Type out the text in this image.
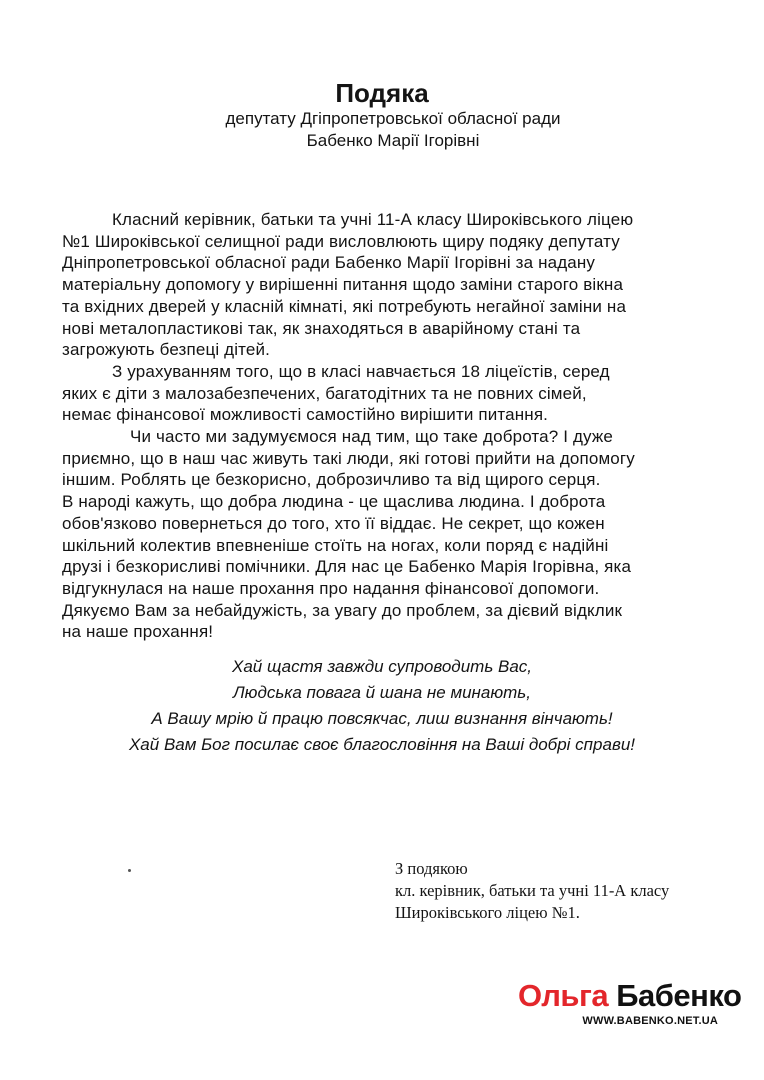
Подяка
депутату Дгіпропетровської обласної ради
Бабенко Марії Ігорівні
Класний керівник, батьки та учні 11-А класу Широківського ліцею
№1 Широківської селищної ради висловлюють щиру подяку депутату
Дніпропетровської обласної ради Бабенко Марії Ігорівні за надану
матеріальну допомогу у вирішенні питання щодо заміни старого вікна
та вхідних дверей у класній кімнаті, які потребують негайної заміни на
нові металопластикові так, як знаходяться в аварійному стані та
загрожують безпеці дітей.
З урахуванням того, що в класі навчається 18 ліцеїстів, серед
яких є діти з малозабезпечених, багатодітних та не повних сімей,
немає фінансової можливості самостійно вирішити питання.
Чи часто ми задумуємося над тим, що таке доброта? І дуже
приємно, що в наш час живуть такі люди, які готові прийти на допомогу
іншим. Роблять це безкорисно, доброзичливо та від щирого серця.
В народі кажуть, що добра людина - це щаслива людина. І доброта
обов'язково повернеться до того, хто її віддає. Не секрет, що кожен
шкільний колектив впевненіше стоїть на ногах, коли поряд є надійні
друзі і безкорисливі помічники. Для нас це Бабенко Марія Ігорівна, яка
відгукнулася на наше прохання про надання фінансової допомоги.
Дякуємо Вам за небайдужість, за увагу до проблем, за дієвий відклик
на наше прохання!
Хай щастя завжди супроводить Вас,
Людська повага й шана не минають,
А Вашу мрію й працю повсякчас, лиш визнання вінчають!
Хай Вам Бог посилає своє благословіння на Ваші добрі справи!
З подякою
кл. керівник, батьки та учні 11-А класу
Широківського ліцею №1.
Ольга Бабенко
WWW.BABENKO.NET.UA
